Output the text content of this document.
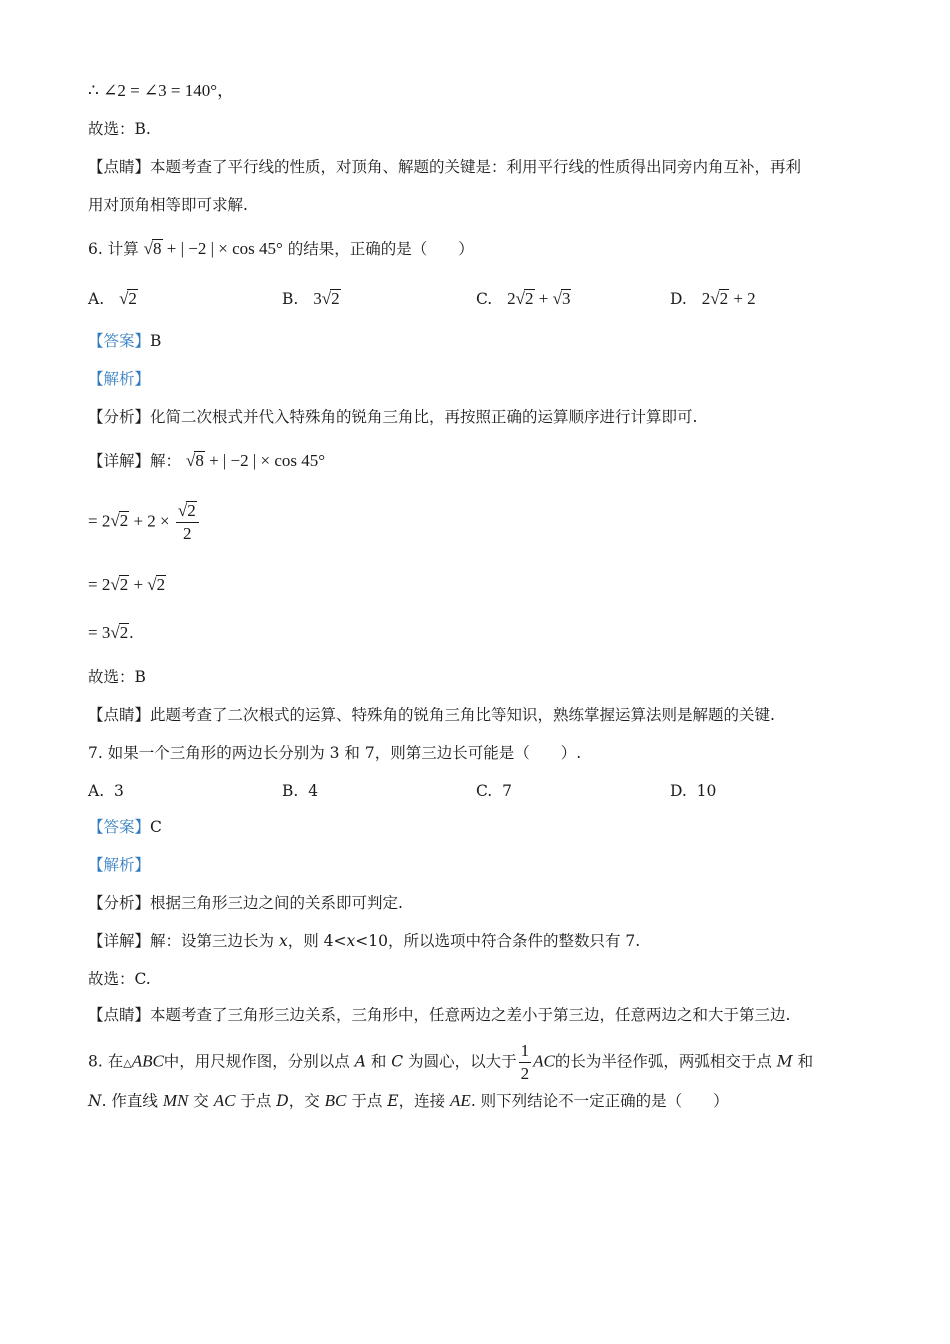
∴ ∠2 = ∠3 = 140°，
故选：B.
【点睛】本题考查了平行线的性质，对顶角、解题的关键是：利用平行线的性质得出同旁内角互补，再利
用对顶角相等即可求解.
6. 计算 √8 + | −2 | × cos 45° 的结果，正确的是（　　）
A. √2	B. 3√2	C. 2√2 + √3	D. 2√2 + 2
【答案】B
【解析】
【分析】化简二次根式并代入特殊角的锐角三角比，再按照正确的运算顺序进行计算即可.
【详解】解： √8 + | −2 | × cos 45°
= $2√2 + 2 \times \frac{√2}{2}$
= 2√2 + √2
= 3√2.
故选：B
【点睛】此题考查了二次根式的运算、特殊角的锐角三角比等知识，熟练掌握运算法则是解题的关键.
7. 如果一个三角形的两边长分别为 3 和 7，则第三边长可能是（　　）.
A. 3	B. 4	C. 7	D. 10
【答案】C
【解析】
【分析】根据三角形三边之间的关系即可判定.
【详解】解：设第三边长为 x，则 4<x<10，所以选项中符合条件的整数只有 7.
故选：C.
【点睛】本题考查了三角形三边关系，三角形中，任意两边之差小于第三边，任意两边之和大于第三边.
8. 在△ABC中，用尺规作图，分别以点 A 和 C 为圆心，以大于 $\frac{1}{2}$ AC的长为半径作弧，两弧相交于点 M 和
N. 作直线 MN 交 AC 于点 D，交 BC 于点 E，连接 AE. 则下列结论不一定正确的是（　　）
